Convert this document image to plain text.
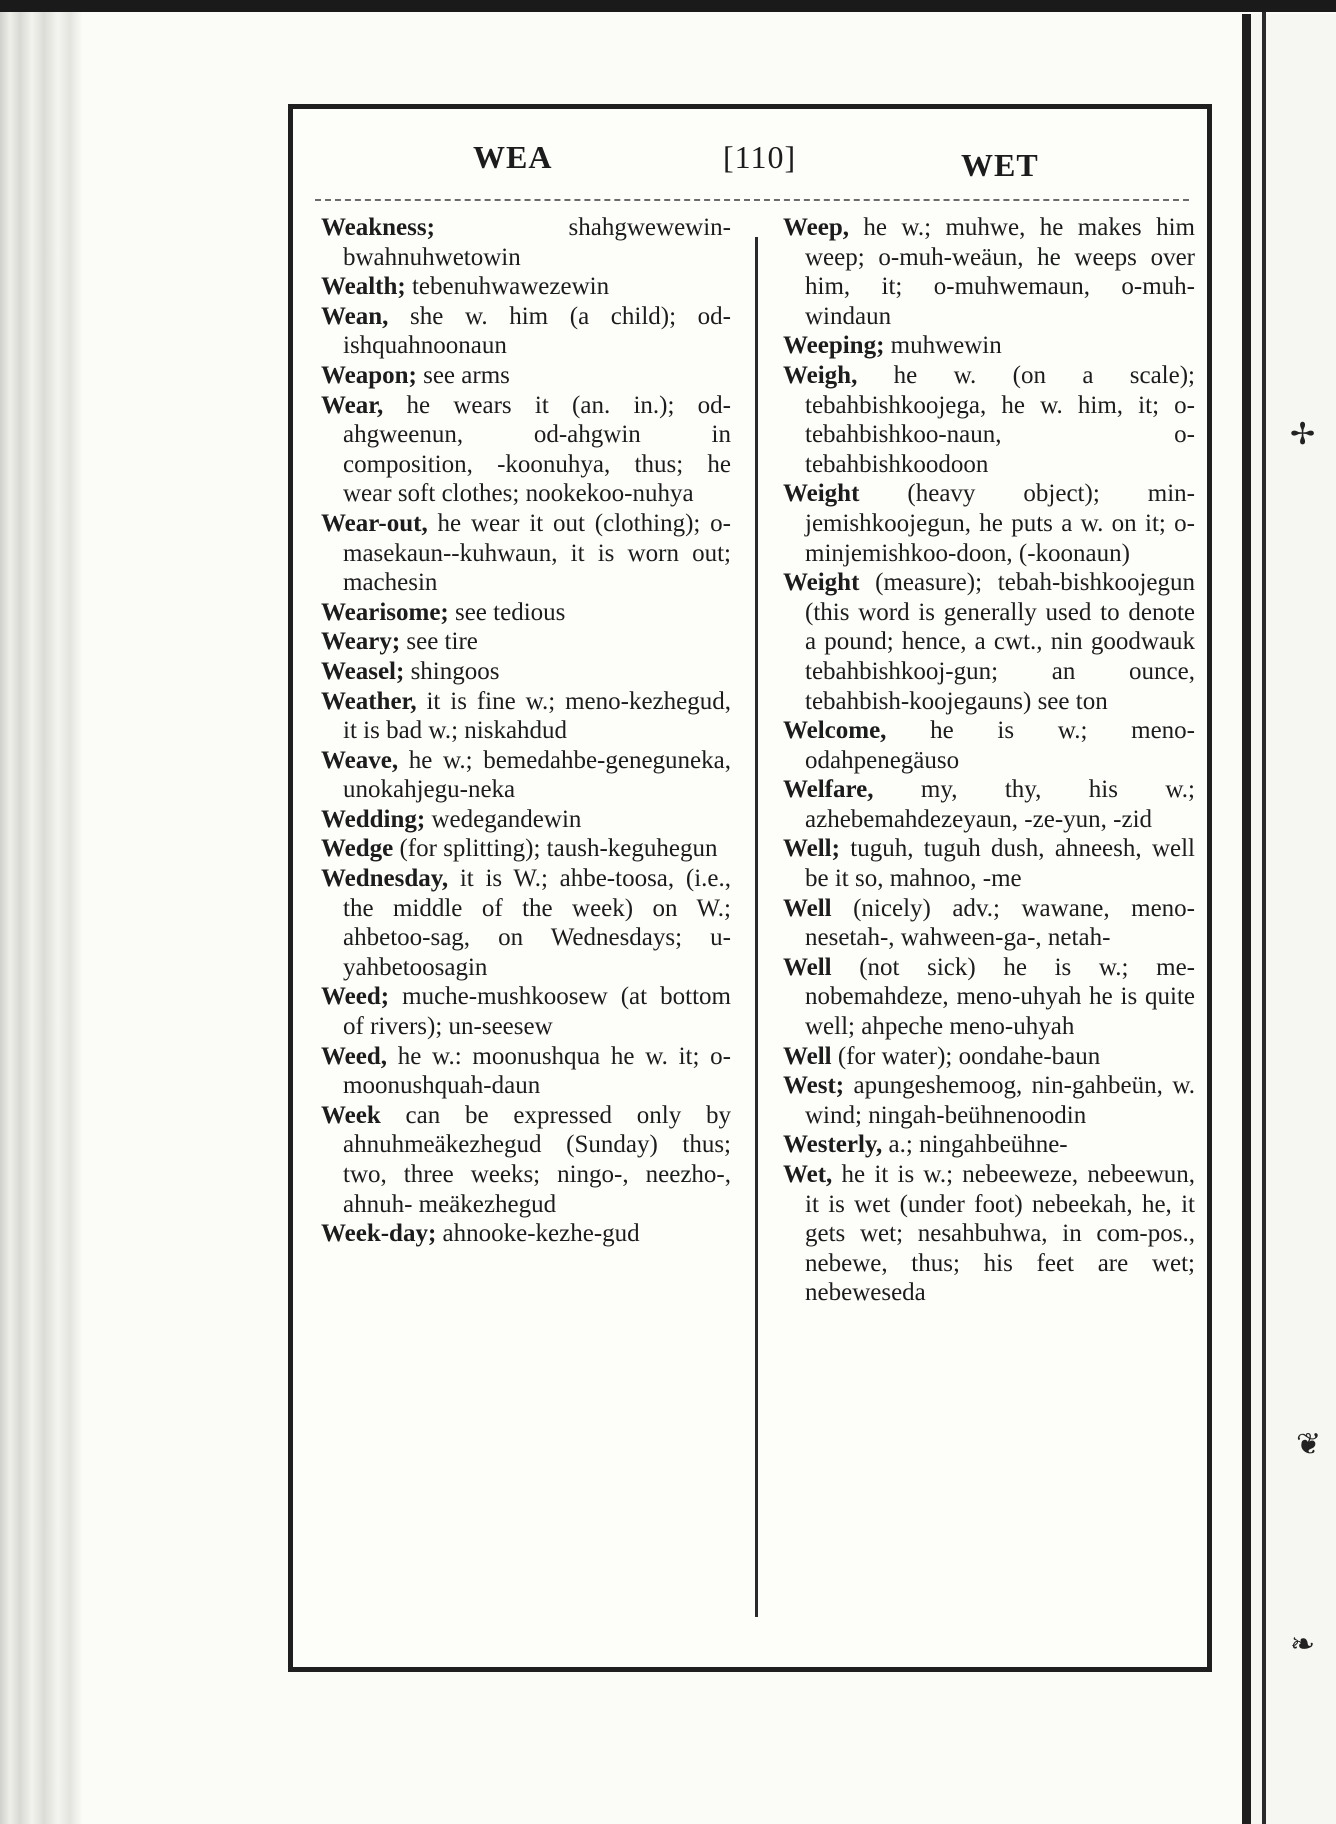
✢
❦
❧
WEA	[110]	WET
Weakness; shahgwewewin-bwahnuhwetowin
Wealth; tebenuhwawezewin
Wean, she w. him (a child); od-ishquahnoonaun
Weapon; see arms
Wear, he wears it (an. in.); od-ahgweenun, od-ahgwin in composition, -koonuhya, thus; he wear soft clothes; nookekoo-nuhya
Wear-out, he wear it out (clothing); o-masekaun--kuhwaun, it is worn out; machesin
Wearisome; see tedious
Weary; see tire
Weasel; shingoos
Weather, it is fine w.; meno-kezhegud, it is bad w.; niskahdud
Weave, he w.; bemedahbe-geneguneka, unokahjegu-neka
Wedding; wedegandewin
Wedge (for splitting); taush-keguhegun
Wednesday, it is W.; ahbe-toosa, (i.e., the middle of the week) on W.; ahbetoo-sag, on Wednesdays; u-yahbetoosagin
Weed; muche-mushkoosew (at bottom of rivers); un-seesew
Weed, he w.: moonushqua he w. it; o-moonushquah-daun
Week can be expressed only by ahnuhmeäkezhegud (Sunday) thus; two, three weeks; ningo-, neezho-, ahnuh- meäkezhegud
Week-day; ahnooke-kezhe-gud
Weep, he w.; muhwe, he makes him weep; o-muh-weäun, he weeps over him, it; o-muhwemaun, o-muh-windaun
Weeping; muhwewin
Weigh, he w. (on a scale); tebahbishkoojega, he w. him, it; o-tebahbishkoo-naun, o-tebahbishkoodoon
Weight (heavy object); min-jemishkoojegun, he puts a w. on it; o-minjemishkoo-doon, (-koonaun)
Weight (measure); tebah-bishkoojegun (this word is generally used to denote a pound; hence, a cwt., nin goodwauk tebahbishkooj-gun; an ounce, tebahbish-koojegauns) see ton
Welcome, he is w.; meno-odahpenegäuso
Welfare, my, thy, his w.; azhebemahdezeyaun, -ze-yun, -zid
Well; tuguh, tuguh dush, ahneesh, well be it so, mahnoo, -me
Well (nicely) adv.; wawane, meno-nesetah-, wahween-ga-, netah-
Well (not sick) he is w.; me-nobemahdeze, meno-uhyah he is quite well; ahpeche meno-uhyah
Well (for water); oondahe-baun
West; apungeshemoog, nin-gahbeün, w. wind; ningah-beühnenoodin
Westerly, a.; ningahbeühne-
Wet, he it is w.; nebeeweze, nebeewun, it is wet (under foot) nebeekah, he, it gets wet; nesahbuhwa, in com-pos., nebewe, thus; his feet are wet; nebeweseda
